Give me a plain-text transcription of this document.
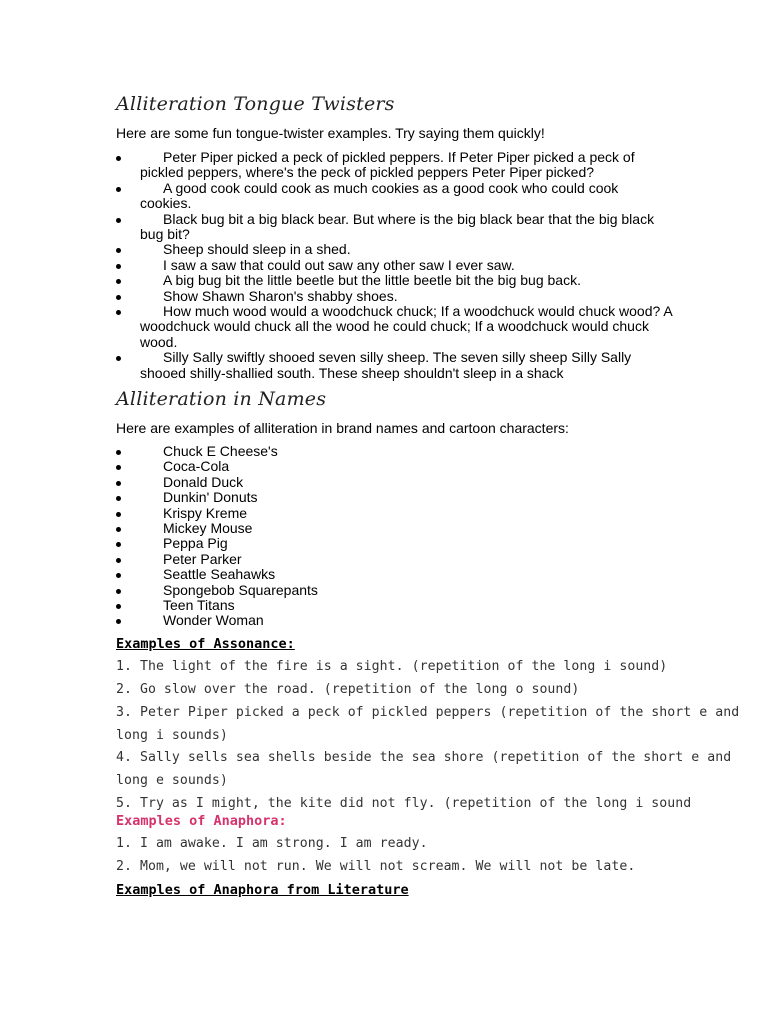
Alliteration Tongue Twisters
Here are some fun tongue-twister examples. Try saying them quickly!
Peter Piper picked a peck of pickled peppers. If Peter Piper picked a peck of pickled peppers, where's the peck of pickled peppers Peter Piper picked?
A good cook could cook as much cookies as a good cook who could cook cookies.
Black bug bit a big black bear. But where is the big black bear that the big black bug bit?
Sheep should sleep in a shed.
I saw a saw that could out saw any other saw I ever saw.
A big bug bit the little beetle but the little beetle bit the big bug back.
Show Shawn Sharon's shabby shoes.
How much wood would a woodchuck chuck; If a woodchuck would chuck wood? A woodchuck would chuck all the wood he could chuck; If a woodchuck would chuck wood.
Silly Sally swiftly shooed seven silly sheep. The seven silly sheep Silly Sally shooed shilly-shallied south. These sheep shouldn't sleep in a shack
Alliteration in Names
Here are examples of alliteration in brand names and cartoon characters:
Chuck E Cheese's
Coca-Cola
Donald Duck
Dunkin' Donuts
Krispy Kreme
Mickey Mouse
Peppa Pig
Peter Parker
Seattle Seahawks
Spongebob Squarepants
Teen Titans
Wonder Woman
Examples of Assonance:
1. The light of the fire is a sight. (repetition of the long i sound)
2. Go slow over the road. (repetition of the long o sound)
3. Peter Piper picked a peck of pickled peppers (repetition of the short e and
long i sounds)
4. Sally sells sea shells beside the sea shore (repetition of the short e and
long e sounds)
5. Try as I might, the kite did not fly. (repetition of the long i sound
Examples of Anaphora:
1. I am awake. I am strong. I am ready.
2. Mom, we will not run. We will not scream. We will not be late.
Examples of Anaphora from Literature
